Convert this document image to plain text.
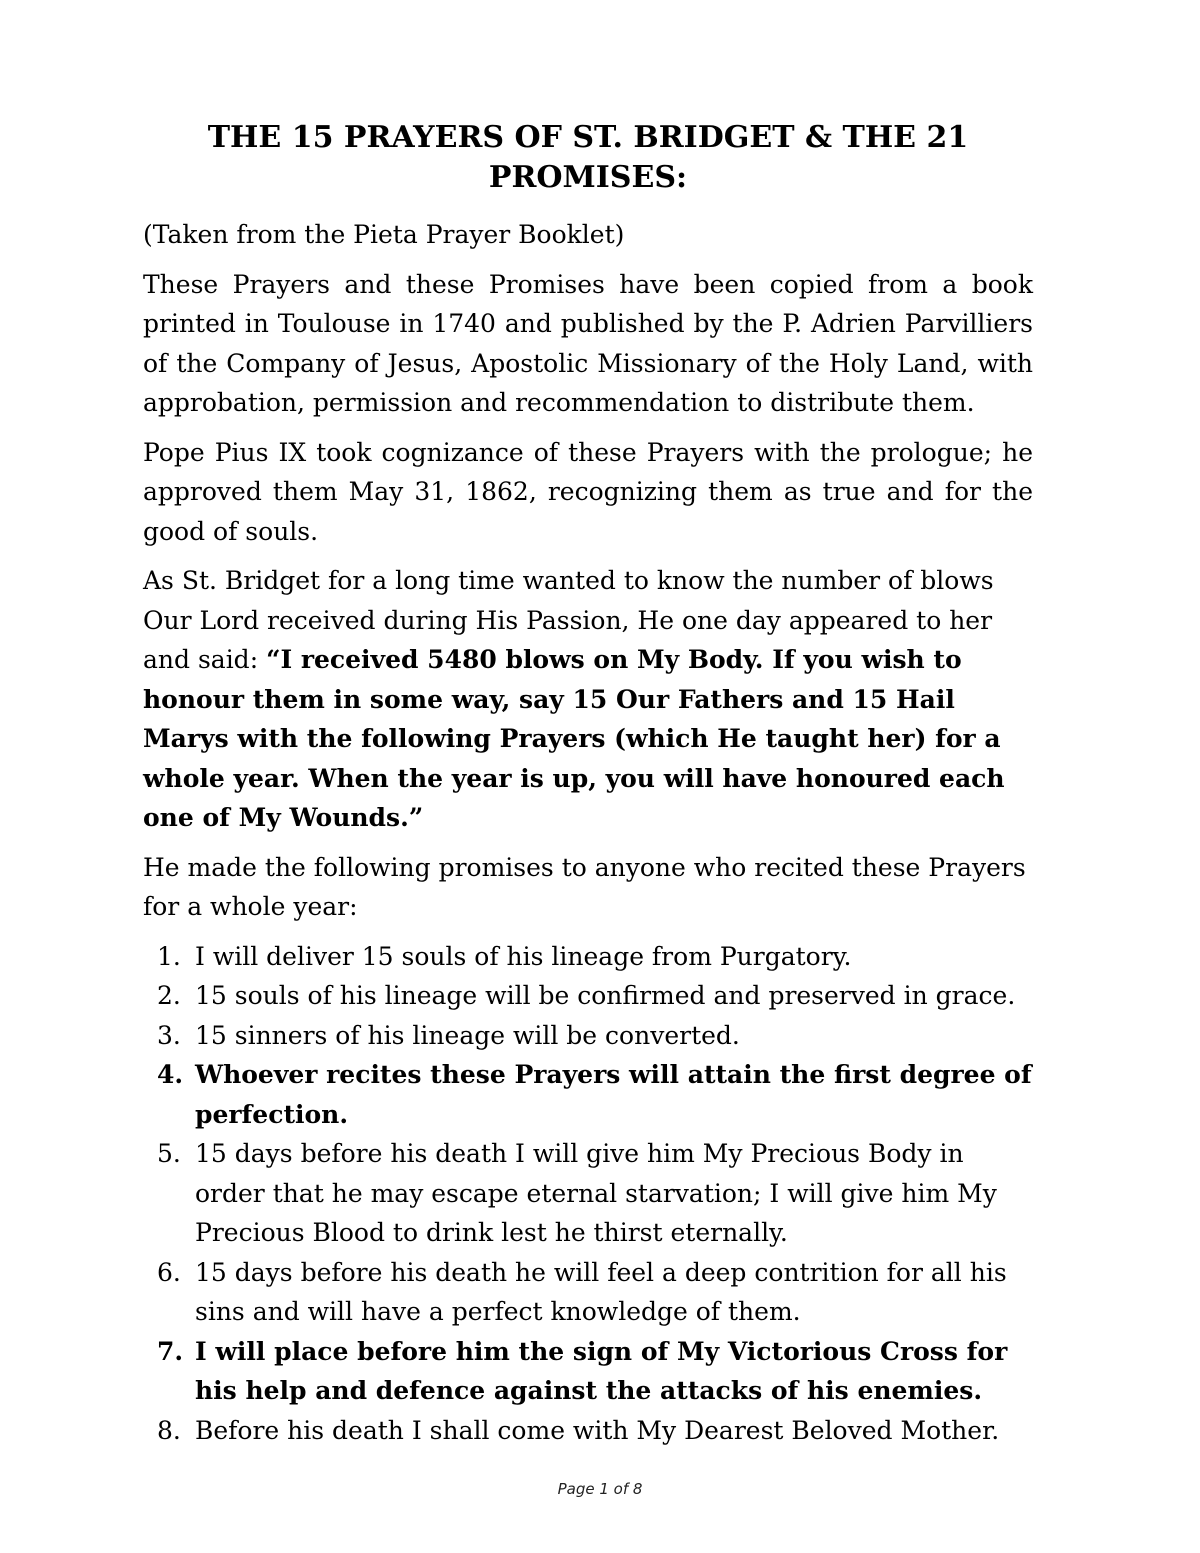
THE 15 PRAYERS OF ST. BRIDGET & THE 21
PROMISES:

(Taken from the Pieta Prayer Booklet)

These Prayers and these Promises have been copied from a book printed in Toulouse in 1740 and published by the P. Adrien Parvilliers of the Company of Jesus, Apostolic Missionary of the Holy Land, with approbation, permission and recommendation to distribute them.

Pope Pius IX took cognizance of these Prayers with the prologue; he approved them May 31, 1862, recognizing them as true and for the good of souls.

As St. Bridget for a long time wanted to know the number of blows Our Lord received during His Passion, He one day appeared to her and said: “I received 5480 blows on My Body. If you wish to honour them in some way, say 15 Our Fathers and 15 Hail Marys with the following Prayers (which He taught her) for a whole year. When the year is up, you will have honoured each one of My Wounds.”

He made the following promises to anyone who recited these Prayers for a whole year:

1. I will deliver 15 souls of his lineage from Purgatory.
2. 15 souls of his lineage will be confirmed and preserved in grace.
3. 15 sinners of his lineage will be converted.
4. Whoever recites these Prayers will attain the first degree of perfection.
5. 15 days before his death I will give him My Precious Body in order that he may escape eternal starvation; I will give him My Precious Blood to drink lest he thirst eternally.
6. 15 days before his death he will feel a deep contrition for all his sins and will have a perfect knowledge of them.
7. I will place before him the sign of My Victorious Cross for his help and defence against the attacks of his enemies.
8. Before his death I shall come with My Dearest Beloved Mother.
Page 1 of 8
